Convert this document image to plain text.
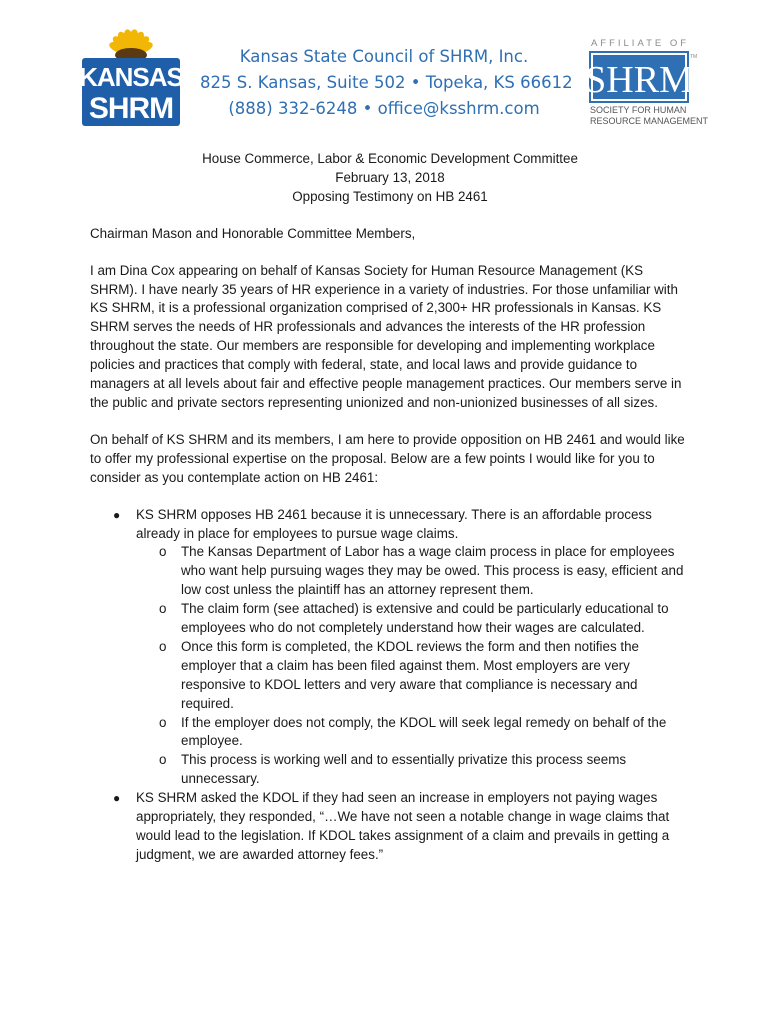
KANSAS
SHRM
Kansas State Council of SHRM, Inc.
825 S. Kansas, Suite 502 • Topeka, KS 66612
(888) 332-6248 • office@ksshrm.com
AFFILIATE OF
SHRM
TM
SOCIETY FOR HUMAN
RESOURCE MANAGEMENT
House Commerce, Labor & Economic Development Committee
February 13, 2018
Opposing Testimony on HB 2461
Chairman Mason and Honorable Committee Members,

I am Dina Cox appearing on behalf of Kansas Society for Human Resource Management (KS SHRM). I have nearly 35 years of HR experience in a variety of industries. For those unfamiliar with KS SHRM, it is a professional organization comprised of 2,300+ HR professionals in Kansas. KS SHRM serves the needs of HR professionals and advances the interests of the HR profession throughout the state. Our members are responsible for developing and implementing workplace policies and practices that comply with federal, state, and local laws and provide guidance to managers at all levels about fair and effective people management practices. Our members serve in the public and private sectors representing unionized and non-unionized businesses of all sizes.

On behalf of KS SHRM and its members, I am here to provide opposition on HB 2461 and would like to offer my professional expertise on the proposal. Below are a few points I would like for you to consider as you contemplate action on HB 2461:

● KS SHRM opposes HB 2461 because it is unnecessary. There is an affordable process already in place for employees to pursue wage claims.
o The Kansas Department of Labor has a wage claim process in place for employees who want help pursuing wages they may be owed. This process is easy, efficient and low cost unless the plaintiff has an attorney represent them.
o The claim form (see attached) is extensive and could be particularly educational to employees who do not completely understand how their wages are calculated.
o Once this form is completed, the KDOL reviews the form and then notifies the employer that a claim has been filed against them. Most employers are very responsive to KDOL letters and very aware that compliance is necessary and required.
o If the employer does not comply, the KDOL will seek legal remedy on behalf of the employee.
o This process is working well and to essentially privatize this process seems unnecessary.
● KS SHRM asked the KDOL if they had seen an increase in employers not paying wages appropriately, they responded, “…We have not seen a notable change in wage claims that would lead to the legislation. If KDOL takes assignment of a claim and prevails in getting a judgment, we are awarded attorney fees.”
